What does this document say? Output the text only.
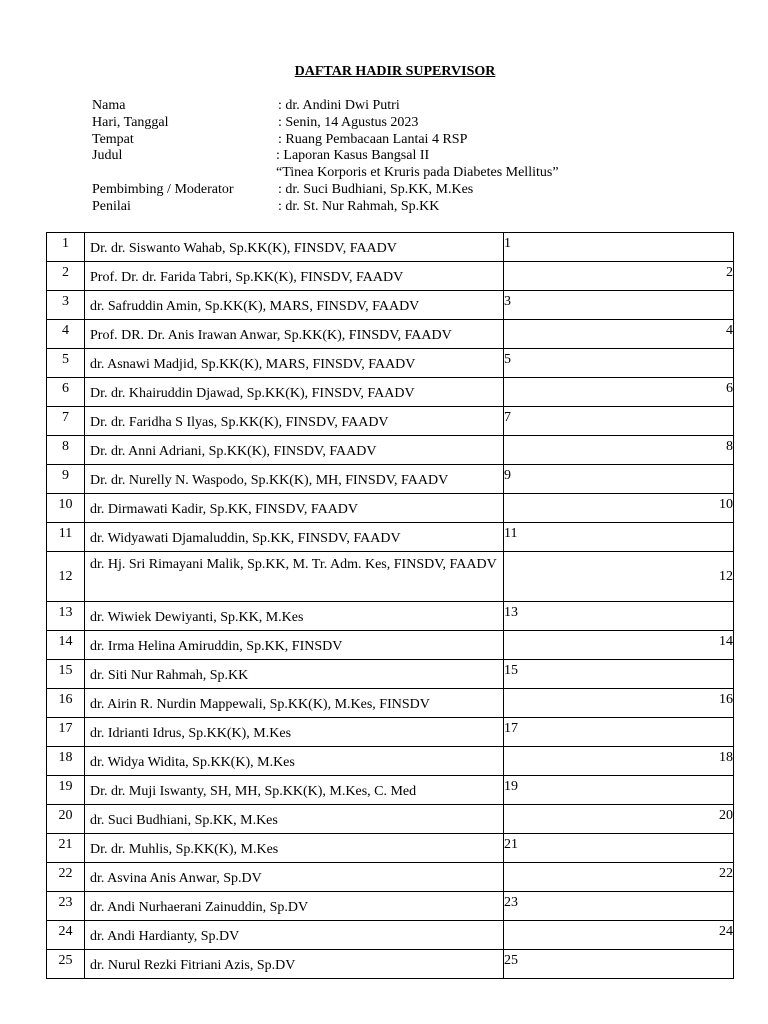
DAFTAR HADIR SUPERVISOR
Nama	: dr. Andini Dwi Putri
Hari, Tanggal	: Senin, 14 Agustus 2023
Tempat	: Ruang Pembacaan Lantai 4 RSP
Judul	: Laporan Kasus Bangsal II
“Tinea Korporis et Kruris pada Diabetes Mellitus”
Pembimbing / Moderator	: dr. Suci Budhiani, Sp.KK, M.Kes
Penilai	: dr. St. Nur Rahmah, Sp.KK
1	Dr. dr. Siswanto Wahab, Sp.KK(K), FINSDV, FAADV	1
2	Prof. Dr. dr. Farida Tabri, Sp.KK(K), FINSDV, FAADV	2
3	dr. Safruddin Amin, Sp.KK(K), MARS, FINSDV, FAADV	3
4	Prof. DR. Dr. Anis Irawan Anwar, Sp.KK(K), FINSDV, FAADV	4
5	dr. Asnawi Madjid, Sp.KK(K), MARS, FINSDV, FAADV	5
6	Dr. dr. Khairuddin Djawad, Sp.KK(K), FINSDV, FAADV	6
7	Dr. dr. Faridha S Ilyas, Sp.KK(K), FINSDV, FAADV	7
8	Dr. dr. Anni Adriani, Sp.KK(K), FINSDV, FAADV	8
9	Dr. dr. Nurelly N. Waspodo, Sp.KK(K), MH, FINSDV, FAADV	9
10	dr. Dirmawati Kadir, Sp.KK, FINSDV, FAADV	10
11	dr. Widyawati Djamaluddin, Sp.KK, FINSDV, FAADV	11
12	dr. Hj. Sri Rimayani Malik, Sp.KK, M. Tr. Adm. Kes, FINSDV, FAADV	12
13	dr. Wiwiek Dewiyanti, Sp.KK, M.Kes	13
14	dr. Irma Helina Amiruddin, Sp.KK, FINSDV	14
15	dr. Siti Nur Rahmah, Sp.KK	15
16	dr. Airin R. Nurdin Mappewali, Sp.KK(K), M.Kes, FINSDV	16
17	dr. Idrianti Idrus, Sp.KK(K), M.Kes	17
18	dr. Widya Widita, Sp.KK(K), M.Kes	18
19	Dr. dr. Muji Iswanty, SH, MH, Sp.KK(K), M.Kes, C. Med	19
20	dr. Suci Budhiani, Sp.KK, M.Kes	20
21	Dr. dr. Muhlis, Sp.KK(K), M.Kes	21
22	dr. Asvina Anis Anwar, Sp.DV	22
23	dr. Andi Nurhaerani Zainuddin, Sp.DV	23
24	dr. Andi Hardianty, Sp.DV	24
25	dr. Nurul Rezki Fitriani Azis, Sp.DV	25
